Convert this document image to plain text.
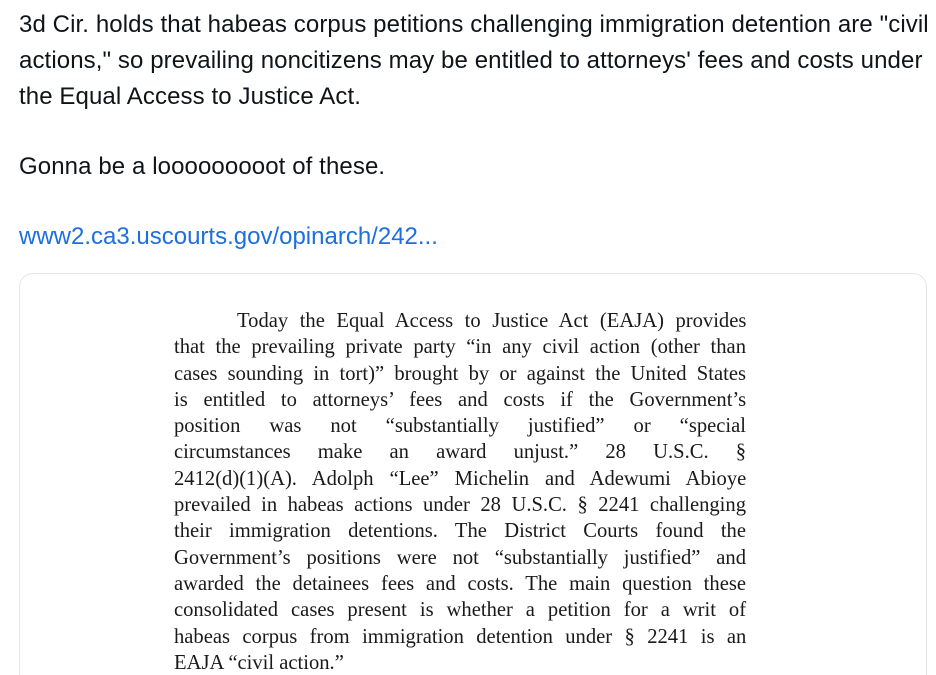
3d Cir. holds that habeas corpus petitions challenging immigration detention are "civil actions," so prevailing noncitizens may be entitled to attorneys' fees and costs under the Equal Access to Justice Act.

Gonna be a looooooooot of these.

www2.ca3.uscourts.gov/opinarch/242...
Today the Equal Access to Justice Act (EAJA) provides
that the prevailing private party “in any civil action (other than
cases sounding in tort)” brought by or against the United States
is entitled to attorneys’ fees and costs if the Government’s
position was not “substantially justified” or “special
circumstances make an award unjust.” 28 U.S.C. §
2412(d)(1)(A). Adolph “Lee” Michelin and Adewumi Abioye
prevailed in habeas actions under 28 U.S.C. § 2241 challenging
their immigration detentions. The District Courts found the
Government’s positions were not “substantially justified” and
awarded the detainees fees and costs. The main question these
consolidated cases present is whether a petition for a writ of
habeas corpus from immigration detention under § 2241 is an
EAJA “civil action.”
